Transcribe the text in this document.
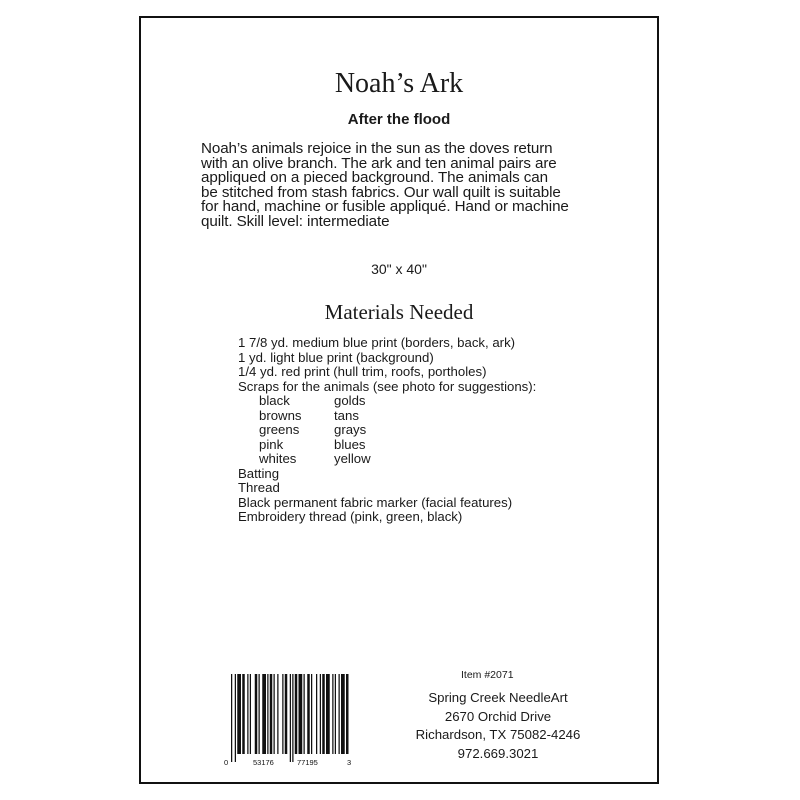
Noah’s Ark
After the flood
Noah’s animals rejoice in the sun as the doves return
with an olive branch. The ark and ten animal pairs are
appliqued on a pieced background. The animals can
be stitched from stash fabrics. Our wall quilt is suitable
for hand, machine or fusible appliqué. Hand or machine
quilt. Skill level: intermediate
30" x 40"
Materials Needed
1 7/8 yd. medium blue print (borders, back, ark)
1 yd. light blue print (background)
1/4 yd. red print (hull trim, roofs, portholes)
Scraps for the animals (see photo for suggestions):
black	golds
browns	tans
greens	grays
pink	blues
whites	yellow
Batting
Thread
Black permanent fabric marker (facial features)
Embroidery thread (pink, green, black)
0	53176	77195	3
Item #2071
Spring Creek NeedleArt
2670 Orchid Drive
Richardson, TX 75082-4246
972.669.3021
